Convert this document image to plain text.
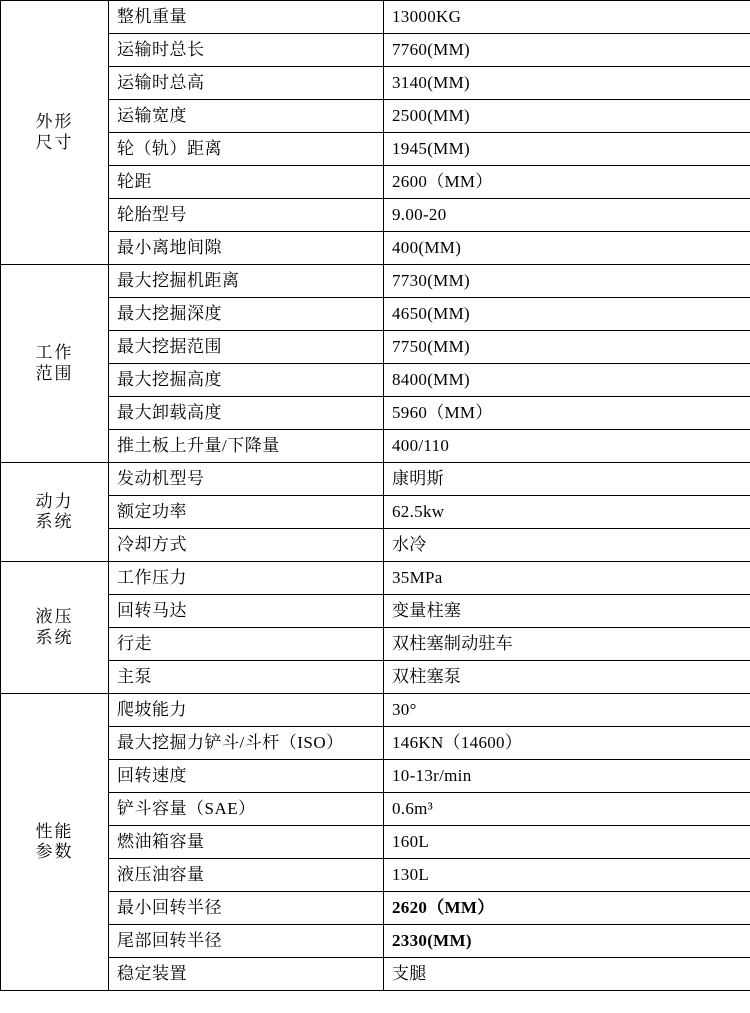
外形
尺寸	整机重量	13000KG
	运输时总长	7760(MM)
	运输时总高	3140(MM)
	运输宽度	2500(MM)
	轮（轨）距离	1945(MM)
	轮距	2600（MM）
	轮胎型号	9.00-20
	最小离地间隙	400(MM)

工作
范围	最大挖掘机距离	7730(MM)
	最大挖掘深度	4650(MM)
	最大挖据范围	7750(MM)
	最大挖掘高度	8400(MM)
	最大卸载高度	5960（MM）
	推土板上升量/下降量	400/110

动力
系统	发动机型号	康明斯
	额定功率	62.5kw
	冷却方式	水冷

液压
系统	工作压力	35MPa
	回转马达	变量柱塞
	行走	双柱塞制动驻车
	主泵	双柱塞泵

性能
参数	爬坡能力	30°
	最大挖掘力铲斗/斗杆（ISO）	146KN（14600）
	回转速度	10-13r/min
	铲斗容量（SAE）	0.6m³
	燃油箱容量	160L
	液压油容量	130L
	最小回转半径	2620（MM）
	尾部回转半径	2330(MM)
	稳定装置	支腿
